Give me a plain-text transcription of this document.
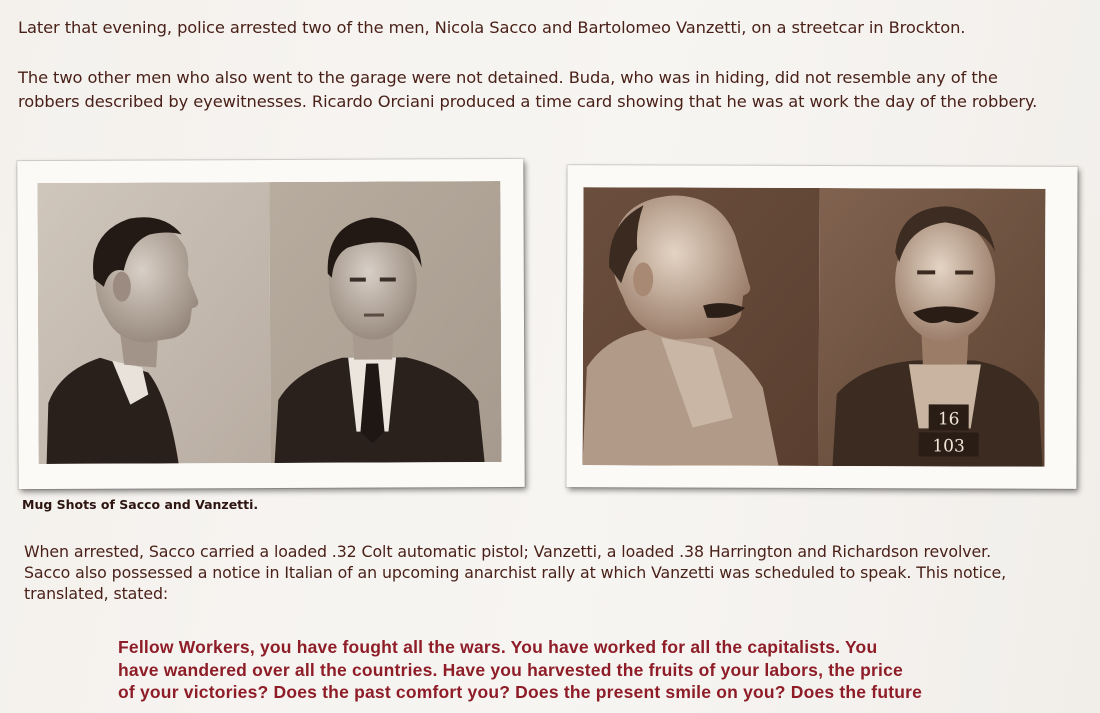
Later that evening, police arrested two of the men, Nicola Sacco and Bartolomeo Vanzetti, on a streetcar in Brockton.

The two other men who also went to the garage were not detained. Buda, who was in hiding, did not resemble any of the
robbers described by eyewitnesses. Ricardo Orciani produced a time card showing that he was at work the day of the robbery.

16
103

Mug Shots of Sacco and Vanzetti.

When arrested, Sacco carried a loaded .32 Colt automatic pistol; Vanzetti, a loaded .38 Harrington and Richardson revolver.
Sacco also possessed a notice in Italian of an upcoming anarchist rally at which Vanzetti was scheduled to speak. This notice,
translated, stated:

Fellow Workers, you have fought all the wars. You have worked for all the capitalists. You
have wandered over all the countries. Have you harvested the fruits of your labors, the price
of your victories? Does the past comfort you? Does the present smile on you? Does the future
